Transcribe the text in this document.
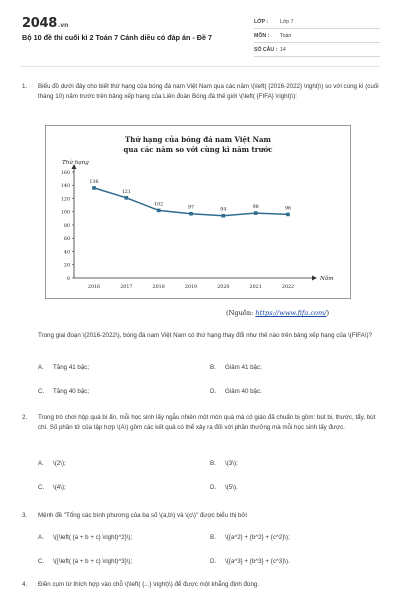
2048.vn
Bộ 10 đề thi cuối kì 2 Toán 7 Cánh diều có đáp án - Đề 7
LỚP :	Lớp 7
MÔN :	Toán
SỐ CÂU : 14
1. Biểu đồ dưới đây cho biết thứ hạng của bóng đá nam Việt Nam qua các năm \(\left( {2016-2022} \right)\) so với cùng kì (cuối tháng 10) năm trước trên bảng xếp hạng của Liên đoàn Bóng đá thế giới \(\left( {FIFA} \right)\):
Thứ hạng của bóng đá nam Việt Nam
qua các năm so với cùng kì năm trước
0
20
40
60
80
100
120
140
160
Thứ hạng
Năm
2016	2017	2018	2019	2020	2021	2022
136
121
102
97	94
98	96
(Nguồn: https://www.fifa.com/)
Trong giai đoạn \(2016-2022\), bóng đá nam Việt Nam có thứ hạng thay đổi như thế nào trên bảng xếp hạng của \(FIFA\)?
A.	Tăng 41 bậc;	B.	Giảm 41 bậc;
C.	Tăng 40 bậc;	D.	Giảm 40 bậc.
2. Trong trò chơi hộp quà bí ẩn, mỗi học sinh lấy ngẫu nhiên một món quà mà cô giáo đã chuẩn bị gồm: bút bi, thước, tẩy, bút chì. Số phần tử của tập hợp \(A\) gồm các kết quả có thể xảy ra đối với phần thưởng mà mỗi học sinh lấy được.
A.	\(2\);	B.	\(3\);
C.	\(4\);	D.	\(5\).
3. Mệnh đề "Tổng các bình phương của ba số \(a,b\) và \(c\)" được biểu thị bởi
A.	\({\left( {a + b + c} \right)^2}\);	B.	\({a^2} + {b^2} + {c^2}\);
C.	\({\left( {a + b + c} \right)^3}\);	D.	\({a^3} + {b^3} + {c^3}\).
4. Điền cụm từ thích hợp vào chỗ \(\left( {...} \right)\) để được một khẳng định đúng.
